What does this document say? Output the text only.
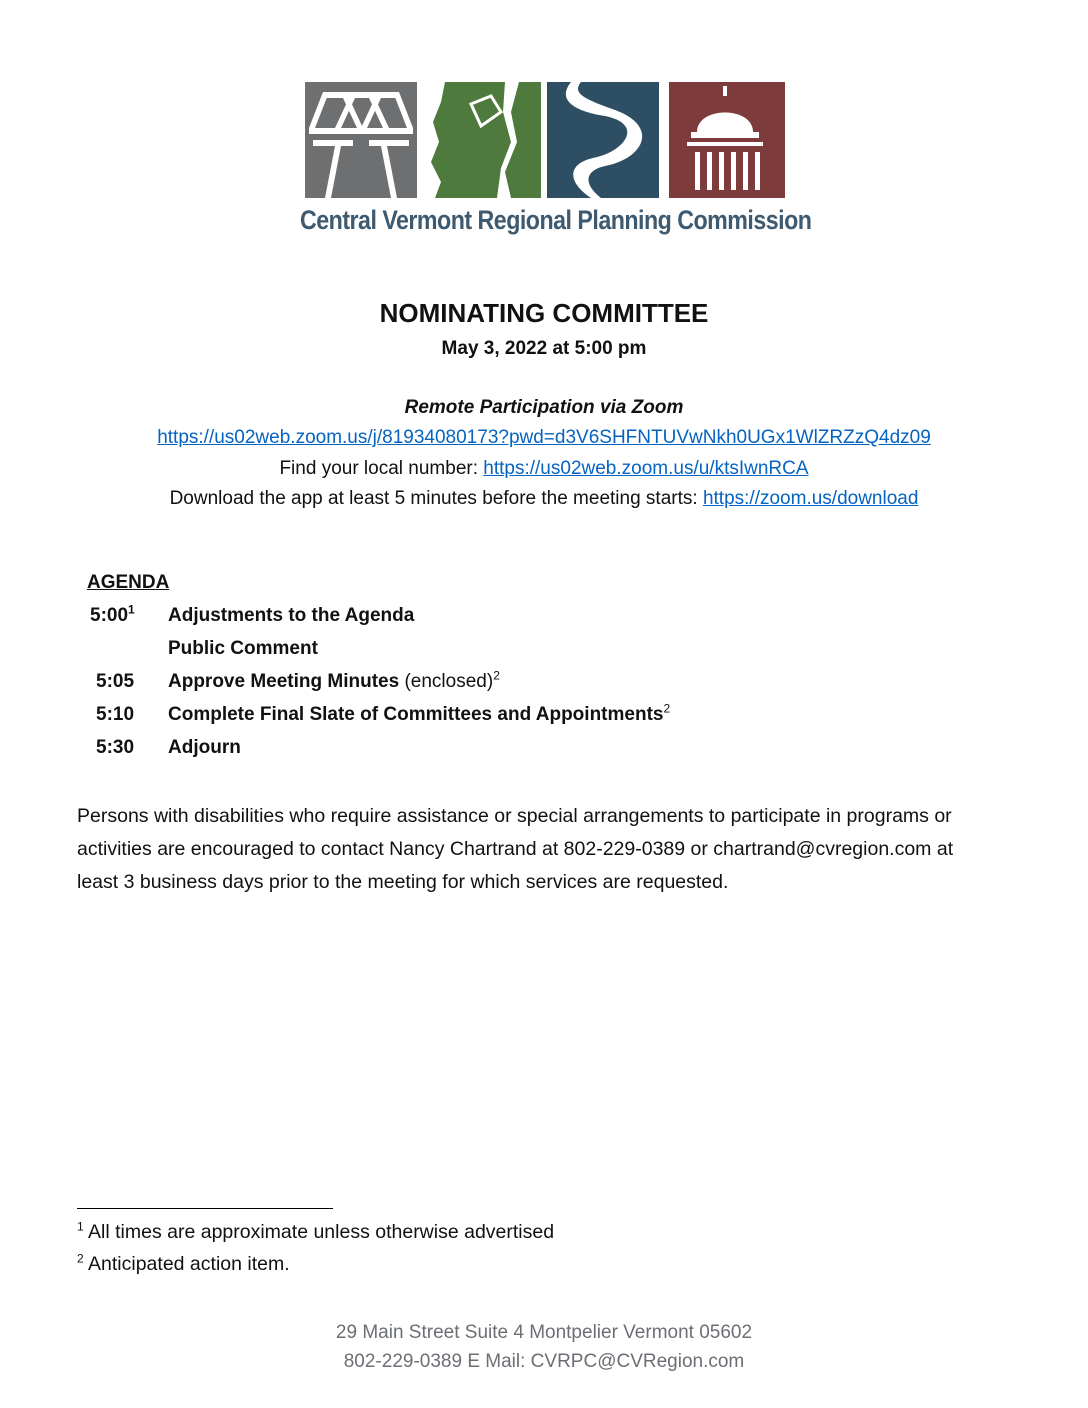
Central Vermont Regional Planning Commission
NOMINATING COMMITTEE
May 3, 2022 at 5:00 pm
Remote Participation via Zoom
https://us02web.zoom.us/j/81934080173?pwd=d3V6SHFNTUVwNkh0UGx1WlZRZzQ4dz09
Find your local number: https://us02web.zoom.us/u/ktsIwnRCA
Download the app at least 5 minutes before the meeting starts: https://zoom.us/download
AGENDA
$5:00^1$	Adjustments to the Agenda
Public Comment
5:05	Approve Meeting Minutes (enclosed)$^2$
5:10	Complete Final Slate of Committees and Appointments$^2$
5:30	Adjourn
Persons with disabilities who require assistance or special arrangements to participate in programs or activities are encouraged to contact Nancy Chartrand at 802-229-0389 or chartrand@cvregion.com at least 3 business days prior to the meeting for which services are requested.
$^1$ All times are approximate unless otherwise advertised
$^2$ Anticipated action item.
29 Main Street Suite 4 Montpelier Vermont 05602
802-229-0389 E Mail: CVRPC@CVRegion.com
